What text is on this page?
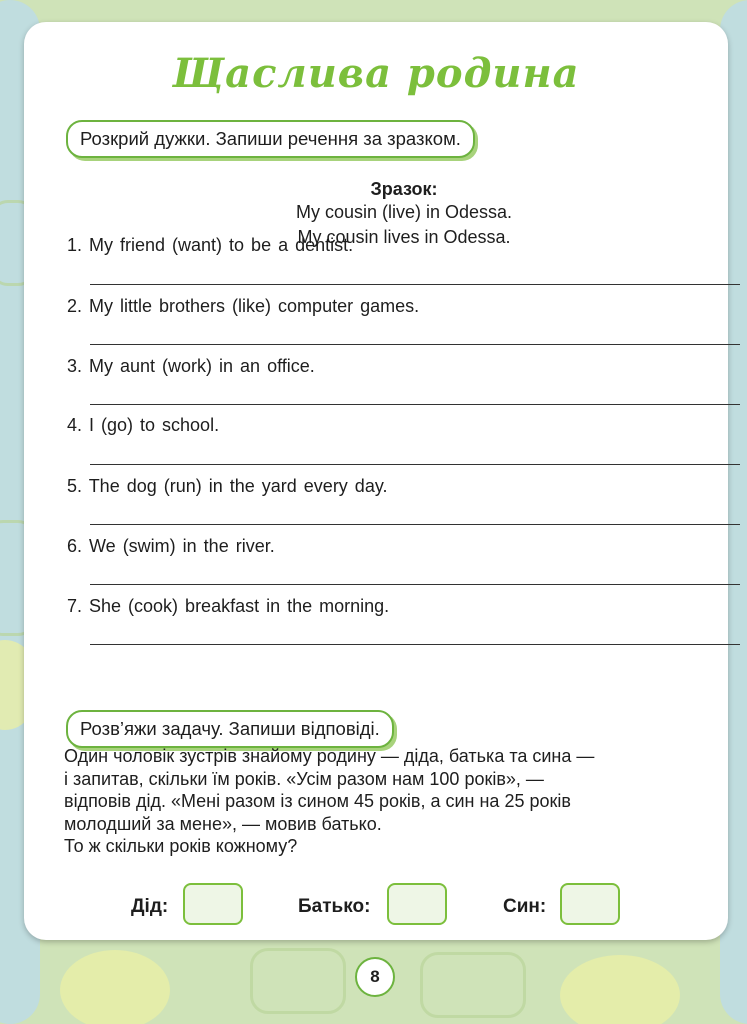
Щаслива родина
Розкрий дужки. Запиши речення за зразком.
Зразок:
My cousin (live) in Odessa.
My cousin lives in Odessa.
1. My friend (want) to be a dentist.
2. My little brothers (like) computer games.
3. My aunt (work) in an office.
4. I (go) to school.
5. The dog (run) in the yard every day.
6. We (swim) in the river.
7. She (cook) breakfast in the morning.
Розв’яжи задачу. Запиши відповіді.
Один чоловік зустрів знайому родину — діда, батька та сина —
і запитав, скільки їм років. «Усім разом нам 100 років», —
відповів дід. «Мені разом із сином 45 років, а син на 25 років
молодший за мене», — мовив батько.
То ж скільки років кожному?
Дід:	Батько:	Син:
8
